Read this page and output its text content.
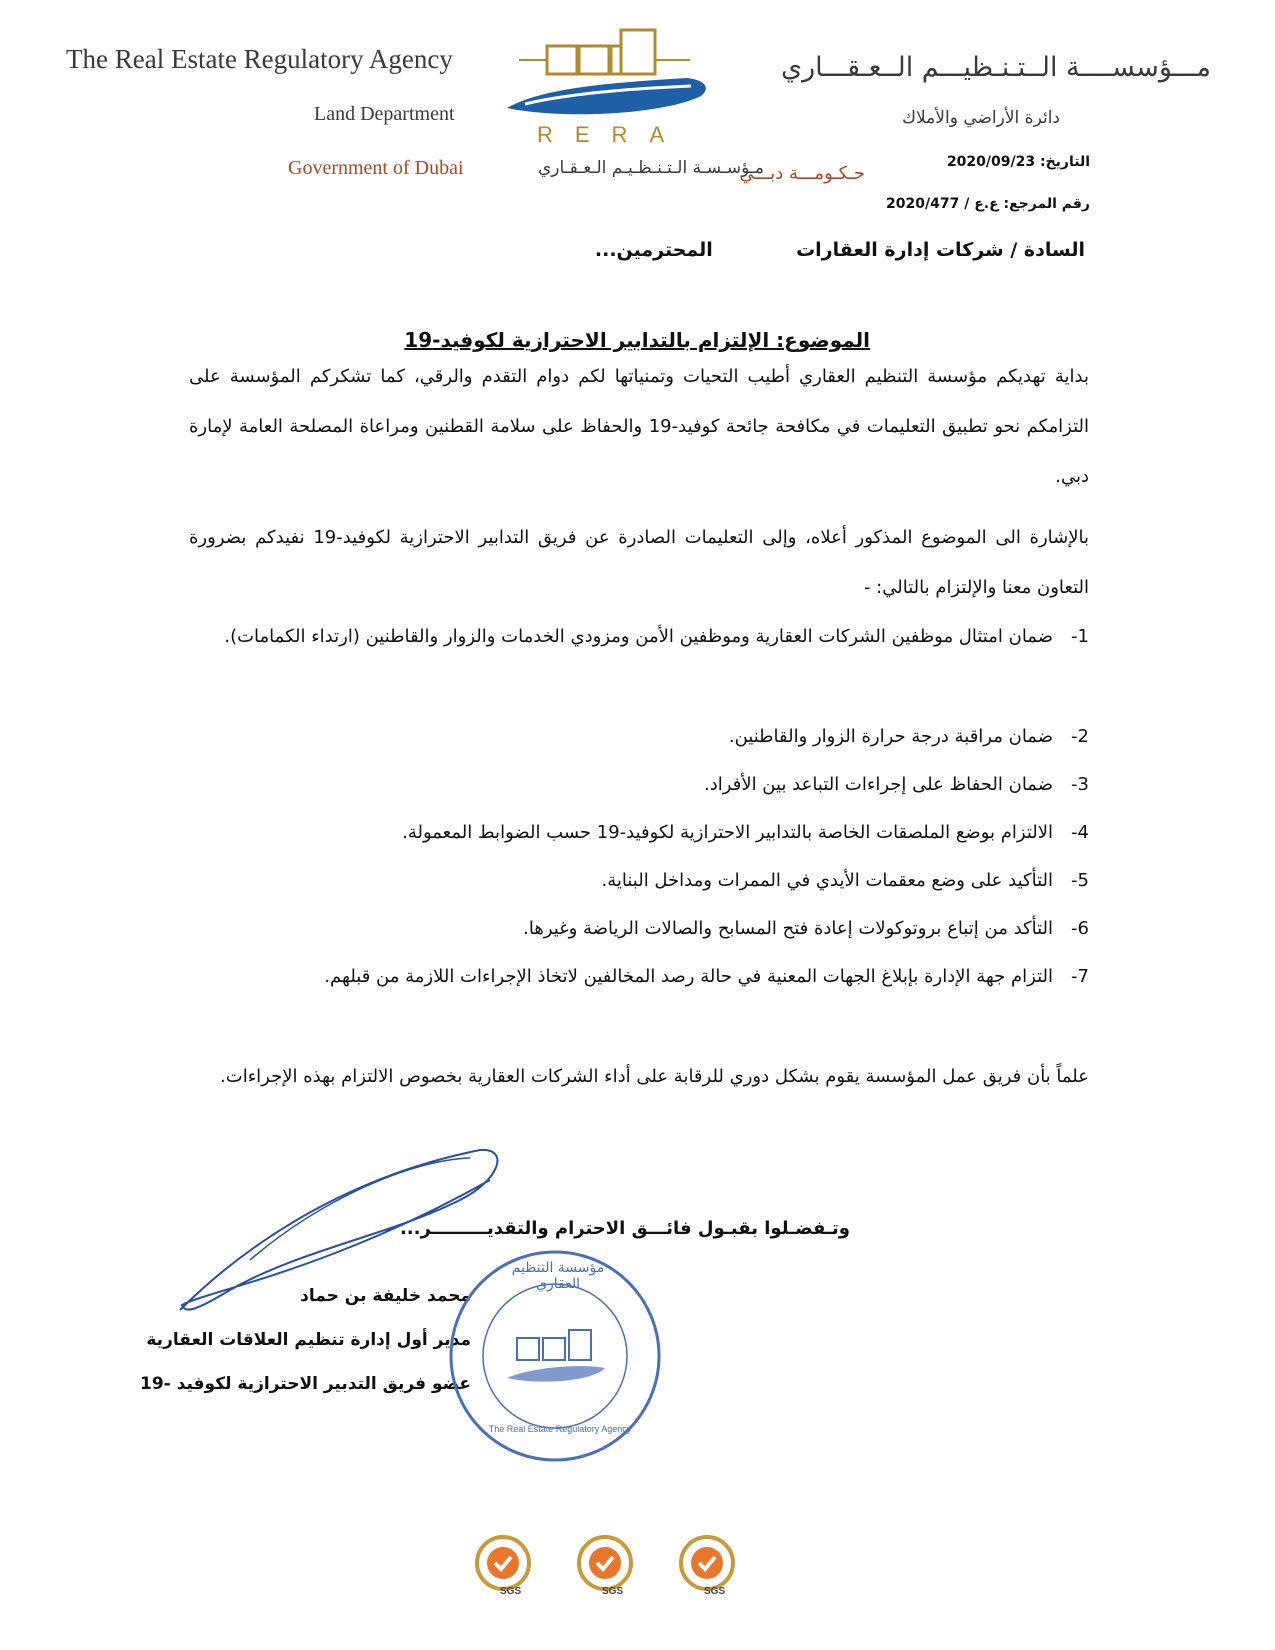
The Real Estate Regulatory Agency
Land Department
Government of Dubai
RERA
مـؤسـسـة الـتـنـظـيـم الـعـقـاري
مـــؤسســــة الــتـنـظيـــم الــعـقـــاري
دائرة الأراضي والأملاك
حـكـومـــة دبـــي
التاريخ: 2020/09/23
رقم المرجع: ع.ع / 2020/477
السادة / شركات إدارة العقارات  المحترمين...
الموضوع: الإلتزام بالتدابير الاحترازية لكوفيد-19
بداية تهديكم مؤسسة التنظيم العقاري أطيب التحيات وتمنياتها لكم دوام التقدم والرقي، كما تشكركم المؤسسة على التزامكم نحو تطبيق التعليمات في مكافحة جائحة كوفيد-19 والحفاظ على سلامة القطنين ومراعاة المصلحة العامة لإمارة دبي.
بالإشارة الى الموضوع المذكور أعلاه، وإلى التعليمات الصادرة عن فريق التدابير الاحترازية لكوفيد-19 نفيدكم بضرورة التعاون معنا والإلتزام بالتالي: -
1-ضمان امتثال موظفين الشركات العقارية وموظفين الأمن ومزودي الخدمات والزوار والقاطنين (ارتداء الكمامات).
2-ضمان مراقبة درجة حرارة الزوار والقاطنين.
3-ضمان الحفاظ على إجراءات التباعد بين الأفراد.
4-الالتزام بوضع الملصقات الخاصة بالتدابير الاحترازية لكوفيد-19 حسب الضوابط المعمولة.
5-التأكيد على وضع معقمات الأيدي في الممرات ومداخل البناية.
6-التأكد من إتباع بروتوكولات إعادة فتح المسابح والصالات الرياضة وغيرها.
7-التزام جهة الإدارة بإبلاغ الجهات المعنية في حالة رصد المخالفين لاتخاذ الإجراءات اللازمة من قبلهم.
علماً بأن فريق عمل المؤسسة يقوم بشكل دوري للرقابة على أداء الشركات العقارية بخصوص الالتزام بهذه الإجراءات.
وتـفضـلوا بقبـول فائـــق الاحترام والتقديـــــــــر...
محمد خليفة بن حماد
مدير أول إدارة تنظيم العلاقات العقارية
عضو فريق التدبير الاحترازية لكوفيد -19
مؤسسة التنظيم العقاري
The Real Estate Regulatory Agency
SGS	SGS	SGS
